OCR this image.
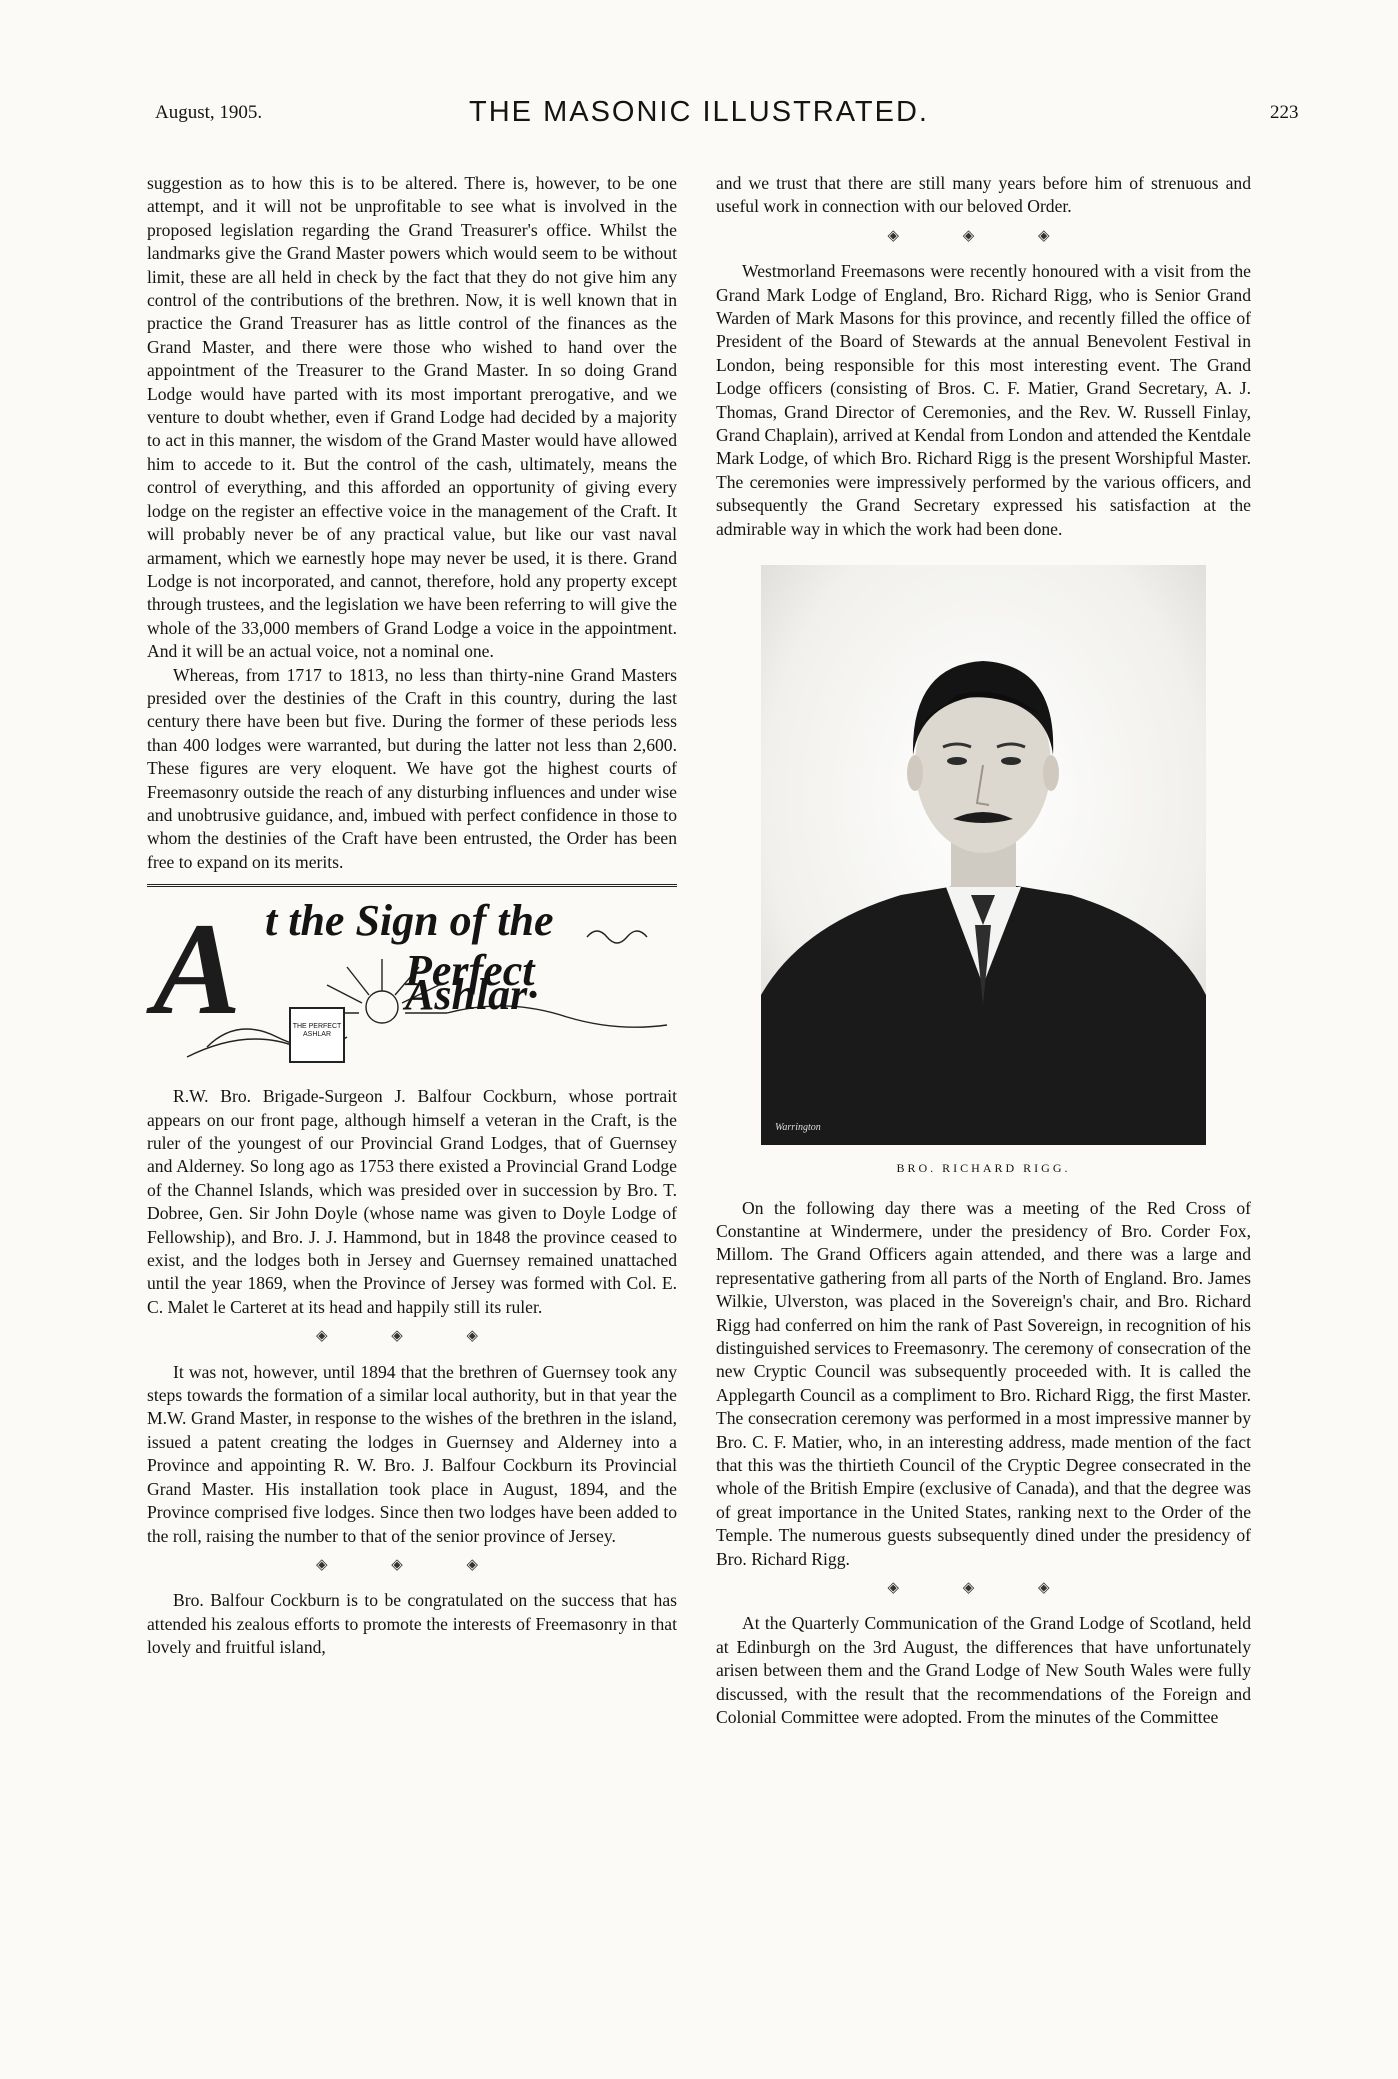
August, 1905.	THE MASONIC ILLUSTRATED.	223

suggestion as to how this is to be altered. There is, however, to be one attempt, and it will not be unprofitable to see what is involved in the proposed legislation regarding the Grand Treasurer's office. Whilst the landmarks give the Grand Master powers which would seem to be without limit, these are all held in check by the fact that they do not give him any control of the contributions of the brethren. Now, it is well known that in practice the Grand Treasurer has as little control of the finances as the Grand Master, and there were those who wished to hand over the appointment of the Treasurer to the Grand Master. In so doing Grand Lodge would have parted with its most important prerogative, and we venture to doubt whether, even if Grand Lodge had decided by a majority to act in this manner, the wisdom of the Grand Master would have allowed him to accede to it. But the control of the cash, ultimately, means the control of everything, and this afforded an opportunity of giving every lodge on the register an effective voice in the management of the Craft. It will probably never be of any practical value, but like our vast naval armament, which we earnestly hope may never be used, it is there. Grand Lodge is not incorporated, and cannot, therefore, hold any property except through trustees, and the legislation we have been referring to will give the whole of the 33,000 members of Grand Lodge a voice in the appointment. And it will be an actual voice, not a nominal one.

Whereas, from 1717 to 1813, no less than thirty-nine Grand Masters presided over the destinies of the Craft in this country, during the last century there have been but five. During the former of these periods less than 400 lodges were warranted, but during the latter not less than 2,600. These figures are very eloquent. We have got the highest courts of Freemasonry outside the reach of any disturbing influences and under wise and unobtrusive guidance, and, imbued with perfect confidence in those to whom the destinies of the Craft have been entrusted, the Order has been free to expand on its merits.

A t the Sign of the
Perfect Ashlar·
THE PERFECT ASHLAR

R.W. Bro. Brigade-Surgeon J. Balfour Cockburn, whose portrait appears on our front page, although himself a veteran in the Craft, is the ruler of the youngest of our Provincial Grand Lodges, that of Guernsey and Alderney. So long ago as 1753 there existed a Provincial Grand Lodge of the Channel Islands, which was presided over in succession by Bro. T. Dobree, Gen. Sir John Doyle (whose name was given to Doyle Lodge of Fellowship), and Bro. J. J. Hammond, but in 1848 the province ceased to exist, and the lodges both in Jersey and Guernsey remained unattached until the year 1869, when the Province of Jersey was formed with Col. E. C. Malet le Carteret at its head and happily still its ruler.

◈ ◈ ◈

It was not, however, until 1894 that the brethren of Guernsey took any steps towards the formation of a similar local authority, but in that year the M.W. Grand Master, in response to the wishes of the brethren in the island, issued a patent creating the lodges in Guernsey and Alderney into a Province and appointing R. W. Bro. J. Balfour Cockburn its Provincial Grand Master. His installation took place in August, 1894, and the Province comprised five lodges. Since then two lodges have been added to the roll, raising the number to that of the senior province of Jersey.

◈ ◈ ◈

Bro. Balfour Cockburn is to be congratulated on the success that has attended his zealous efforts to promote the interests of Freemasonry in that lovely and fruitful island,

and we trust that there are still many years before him of strenuous and useful work in connection with our beloved Order.

◈ ◈ ◈

Westmorland Freemasons were recently honoured with a visit from the Grand Mark Lodge of England, Bro. Richard Rigg, who is Senior Grand Warden of Mark Masons for this province, and recently filled the office of President of the Board of Stewards at the annual Benevolent Festival in London, being responsible for this most interesting event. The Grand Lodge officers (consisting of Bros. C. F. Matier, Grand Secretary, A. J. Thomas, Grand Director of Ceremonies, and the Rev. W. Russell Finlay, Grand Chaplain), arrived at Kendal from London and attended the Kentdale Mark Lodge, of which Bro. Richard Rigg is the present Worshipful Master. The ceremonies were impressively performed by the various officers, and subsequently the Grand Secretary expressed his satisfaction at the admirable way in which the work had been done.

Warrington
BRO. RICHARD RIGG.

On the following day there was a meeting of the Red Cross of Constantine at Windermere, under the presidency of Bro. Corder Fox, Millom. The Grand Officers again attended, and there was a large and representative gathering from all parts of the North of England. Bro. James Wilkie, Ulverston, was placed in the Sovereign's chair, and Bro. Richard Rigg had conferred on him the rank of Past Sovereign, in recognition of his distinguished services to Freemasonry. The ceremony of consecration of the new Cryptic Council was subsequently proceeded with. It is called the Applegarth Council as a compliment to Bro. Richard Rigg, the first Master. The consecration ceremony was performed in a most impressive manner by Bro. C. F. Matier, who, in an interesting address, made mention of the fact that this was the thirtieth Council of the Cryptic Degree consecrated in the whole of the British Empire (exclusive of Canada), and that the degree was of great importance in the United States, ranking next to the Order of the Temple. The numerous guests subsequently dined under the presidency of Bro. Richard Rigg.

◈ ◈ ◈

At the Quarterly Communication of the Grand Lodge of Scotland, held at Edinburgh on the 3rd August, the differences that have unfortunately arisen between them and the Grand Lodge of New South Wales were fully discussed, with the result that the recommendations of the Foreign and Colonial Committee were adopted. From the minutes of the Committee
